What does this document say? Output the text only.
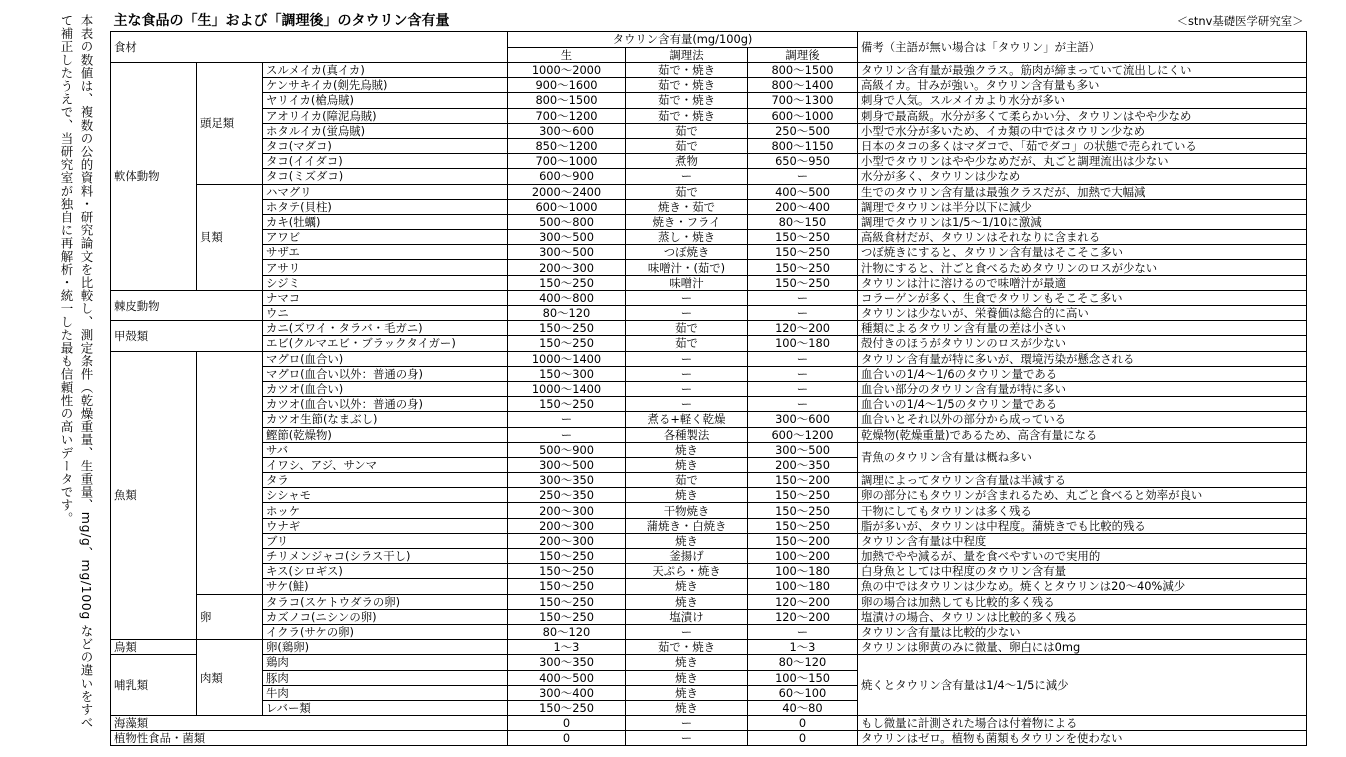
本表の数値は、複数の公的資料・研究論文を比較し、測定条件（乾燥重量、生重量、mg/g、mg/100g などの違いをすべて補正したうえで、当研究室が独自に再解析・統一した最も信頼性の高いデータです。	主な食品の「生」および「調理後」のタウリン含有量						＜stnv基礎医学研究室＞
食材			タウリン含有量(mg/100g)			備考（主語が無い場合は「タウリン」が主語）
			生	調理法	調理後	
軟体動物	頭足類	スルメイカ(真イカ)	1000～2000	茹で・焼き	800～1500	タウリン含有量が最強クラス。筋肉が締まっていて流出しにくい
		ケンサキイカ(剣先烏賊)	900～1600	茹で・焼き	800～1400	高級イカ。甘みが強い。タウリン含有量も多い
		ヤリイカ(槍烏賊)	800～1500	茹で・焼き	700～1300	刺身で人気。スルメイカより水分が多い
		アオリイカ(障泥烏賊)	700～1200	茹で・焼き	600～1000	刺身で最高級。水分が多くて柔らかい分、タウリンはやや少なめ
		ホタルイカ(蛍烏賊)	300～600	茹で	250～500	小型で水分が多いため、イカ類の中ではタウリン少なめ
		タコ(マダコ)	850～1200	茹で	800～1150	日本のタコの多くはマダコで、「茹でダコ」の状態で売られている
		タコ(イイダコ)	700～1000	煮物	650～950	小型でタウリンはやや少なめだが、丸ごと調理流出は少ない
		タコ(ミズダコ)	600～900	ー	ー	水分が多く、タウリンは少なめ
	貝類	ハマグリ	2000～2400	茹で	400～500	生でのタウリン含有量は最強クラスだが、加熱で大幅減
		ホタテ(貝柱)	600～1000	焼き・茹で	200～400	調理でタウリンは半分以下に減少
		カキ(牡蠣)	500～800	焼き・フライ	80～150	調理でタウリンは1/5～1/10に激減
		アワビ	300～500	蒸し・焼き	150～250	高級食材だが、タウリンはそれなりに含まれる
		サザエ	300～500	つぼ焼き	150～250	つぼ焼きにすると、タウリン含有量はそこそこ多い
		アサリ	200～300	味噌汁・(茹で)	150～250	汁物にすると、汁ごと食べるためタウリンのロスが少ない
		シジミ	150～250	味噌汁	150～250	タウリンは汁に溶けるので味噌汁が最適
棘皮動物		ナマコ	400～800	ー	ー	コラーゲンが多く、生食でタウリンもそこそこ多い
		ウニ	80～120	ー	ー	タウリンは少ないが、栄養価は総合的に高い
甲殻類		カニ(ズワイ・タラバ・毛ガニ)	150～250	茹で	120～200	種類によるタウリン含有量の差は小さい
		エビ(クルマエビ・ブラックタイガー)	150～250	茹で	100～180	殻付きのほうがタウリンのロスが少ない
魚類		マグロ(血合い)	1000～1400	ー	ー	タウリン含有量が特に多いが、環境汚染が懸念される
		マグロ(血合い以外：普通の身)	150～300	ー	ー	血合いの1/4～1/6のタウリン量である
		カツオ(血合い)	1000～1400	ー	ー	血合い部分のタウリン含有量が特に多い
		カツオ(血合い以外：普通の身)	150～250	ー	ー	血合いの1/4～1/5のタウリン量である
		カツオ生節(なまぶし)	ー	煮る+軽く乾燥	300～600	血合いとそれ以外の部分から成っている
		鰹節(乾燥物)	ー	各種製法	600～1200	乾燥物(乾燥重量)であるため、高含有量になる
		サバ	500～900	焼き	300～500	青魚のタウリン含有量は概ね多い
		イワシ、アジ、サンマ	300～500	焼き	200～350	
		タラ	300～350	茹で	150～200	調理によってタウリン含有量は半減する
		シシャモ	250～350	焼き	150～250	卵の部分にもタウリンが含まれるため、丸ごと食べると効率が良い
		ホッケ	200～300	干物焼き	150～250	干物にしてもタウリンは多く残る
		ウナギ	200～300	蒲焼き・白焼き	150～250	脂が多いが、タウリンは中程度。蒲焼きでも比較的残る
		ブリ	200～300	焼き	150～200	タウリン含有量は中程度
		チリメンジャコ(シラス干し)	150～250	釜揚げ	100～200	加熱でやや減るが、量を食べやすいので実用的
		キス(シロギス)	150～250	天ぷら・焼き	100～180	白身魚としては中程度のタウリン含有量
		サケ(鮭)	150～250	焼き	100～180	魚の中ではタウリンは少なめ。焼くとタウリンは20～40%減少
	卵	タラコ(スケトウダラの卵)	150～250	焼き	120～200	卵の場合は加熱しても比較的多く残る
		カズノコ(ニシンの卵)	150～250	塩漬け	120～200	塩漬けの場合、タウリンは比較的多く残る
		イクラ(サケの卵)	80～120	ー	ー	タウリン含有量は比較的少ない
鳥類	肉類	卵(鶏卵)	1～3	茹で・焼き	1～3	タウリンは卵黄のみに微量、卵白には0mg
哺乳類		鶏肉	300～350	焼き	80～120	焼くとタウリン含有量は1/4～1/5に減少
		豚肉	400～500	焼き	100～150	
		牛肉	300～400	焼き	60～100	
		レバー類	150～250	焼き	40～80	
海藻類			0	ー	0	もし微量に計測された場合は付着物による
植物性食品・菌類			0	ー	0	タウリンはゼロ。植物も菌類もタウリンを使わない
